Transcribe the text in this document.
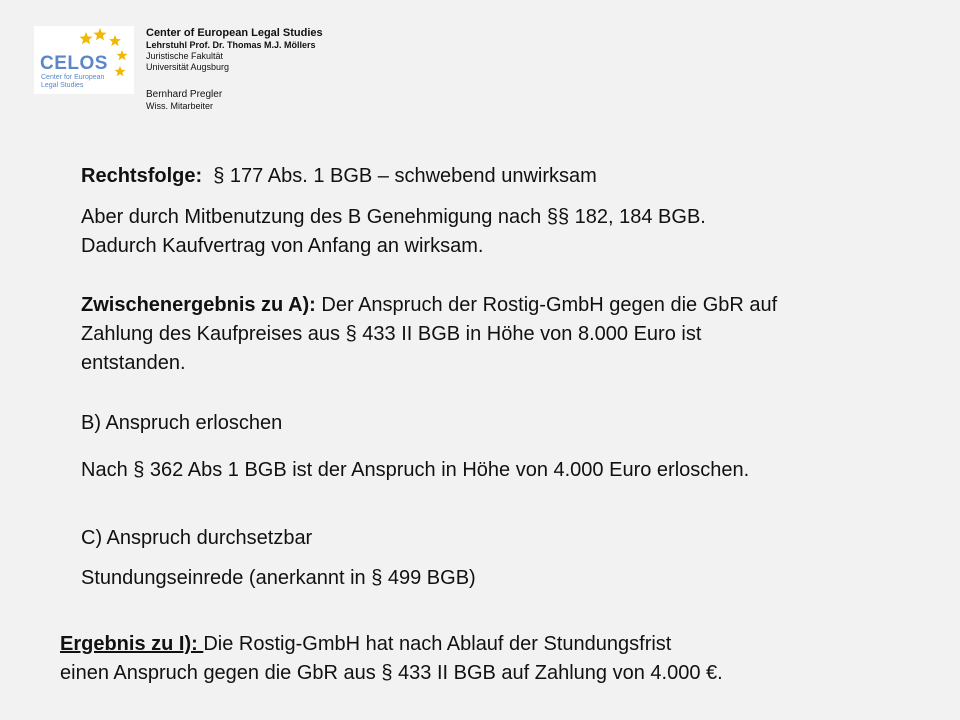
CELOS
Center for European
Legal Studies
Center of European Legal Studies
Lehrstuhl Prof. Dr. Thomas M.J. Möllers
Juristische Fakultät
Universität Augsburg
Bernhard Pregler
Wiss. Mitarbeiter
Rechtsfolge:  § 177 Abs. 1 BGB – schwebend unwirksam
Aber durch Mitbenutzung des B Genehmigung nach §§ 182, 184 BGB.
Dadurch Kaufvertrag von Anfang an wirksam.
Zwischenergebnis zu A): Der Anspruch der Rostig-GmbH gegen die GbR auf
Zahlung des Kaufpreises aus § 433 II BGB in Höhe von 8.000 Euro ist
entstanden.
B) Anspruch erloschen
Nach § 362 Abs 1 BGB ist der Anspruch in Höhe von 4.000 Euro erloschen.
C) Anspruch durchsetzbar
Stundungseinrede (anerkannt in § 499 BGB)
Ergebnis zu I): Die Rostig-GmbH hat nach Ablauf der Stundungsfrist
einen Anspruch gegen die GbR aus § 433 II BGB auf Zahlung von 4.000 €.
